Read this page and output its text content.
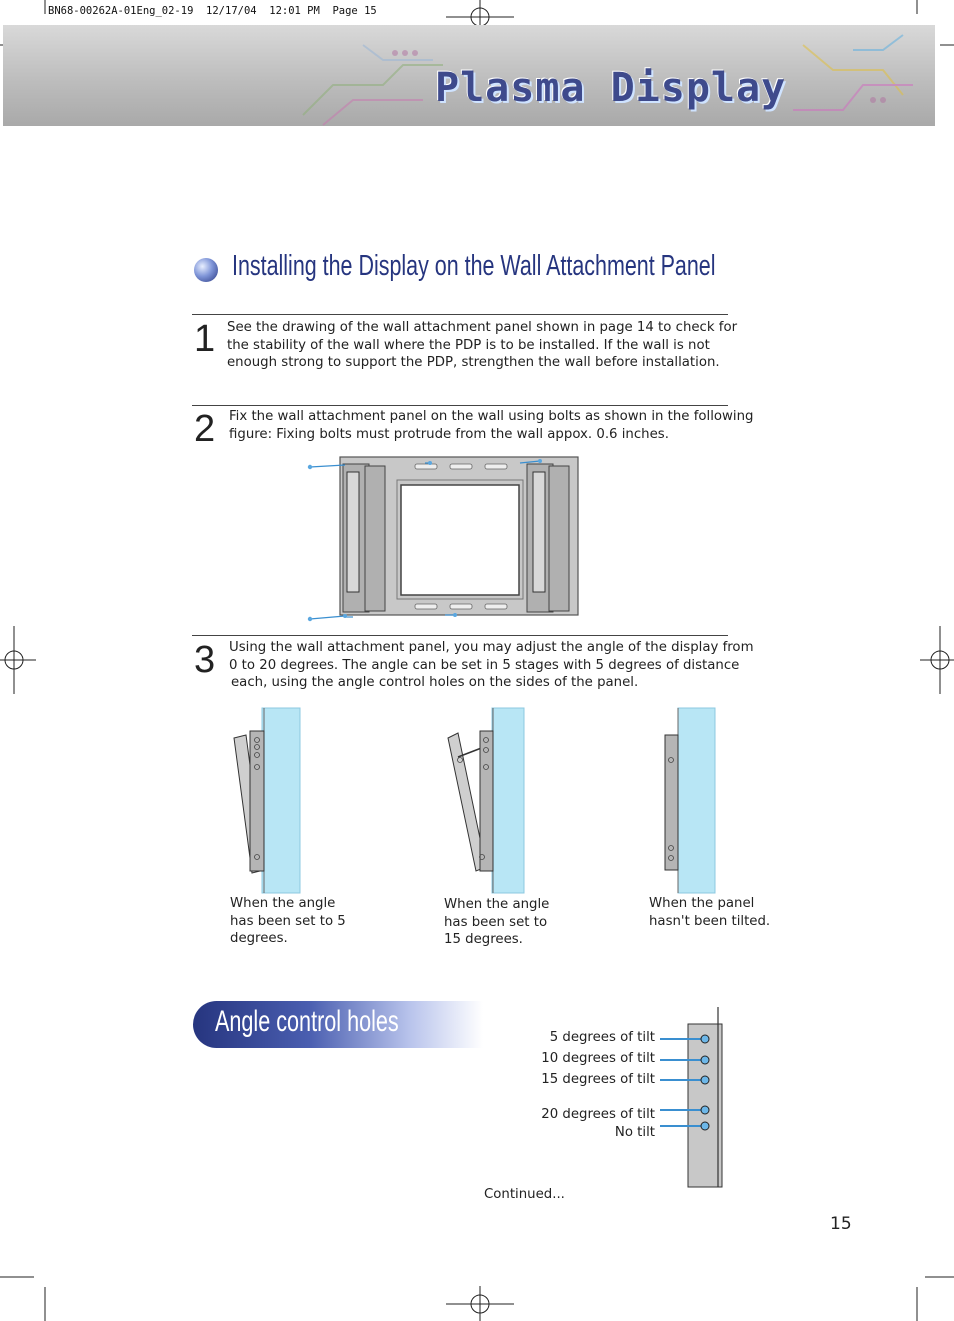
BN68-00262A-01Eng_02-19  12/17/04  12:01 PM  Page 15
Plasma Display
Installing the Display on the Wall Attachment Panel
1 See the drawing of the wall attachment panel shown in page 14 to check for
the stability of the wall where the PDP is to be installed. If the wall is not
enough strong to support the PDP, strengthen the wall before installation.
2 Fix the wall attachment panel on the wall using bolts as shown in the following
figure: Fixing bolts must protrude from the wall appox. 0.6 inches.
3 Using the wall attachment panel, you may adjust the angle of the display from
0 to 20 degrees. The angle can be set in 5 stages with 5 degrees of distance
each, using the angle control holes on the sides of the panel.
When the angle
has been set to 5
degrees.
When the angle
has been set to
15 degrees.
When the panel
hasn't been tilted.
Angle control holes	5 degrees of tilt
10 degrees of tilt
15 degrees of tilt
20 degrees of tilt
No tilt
Continued...
15
